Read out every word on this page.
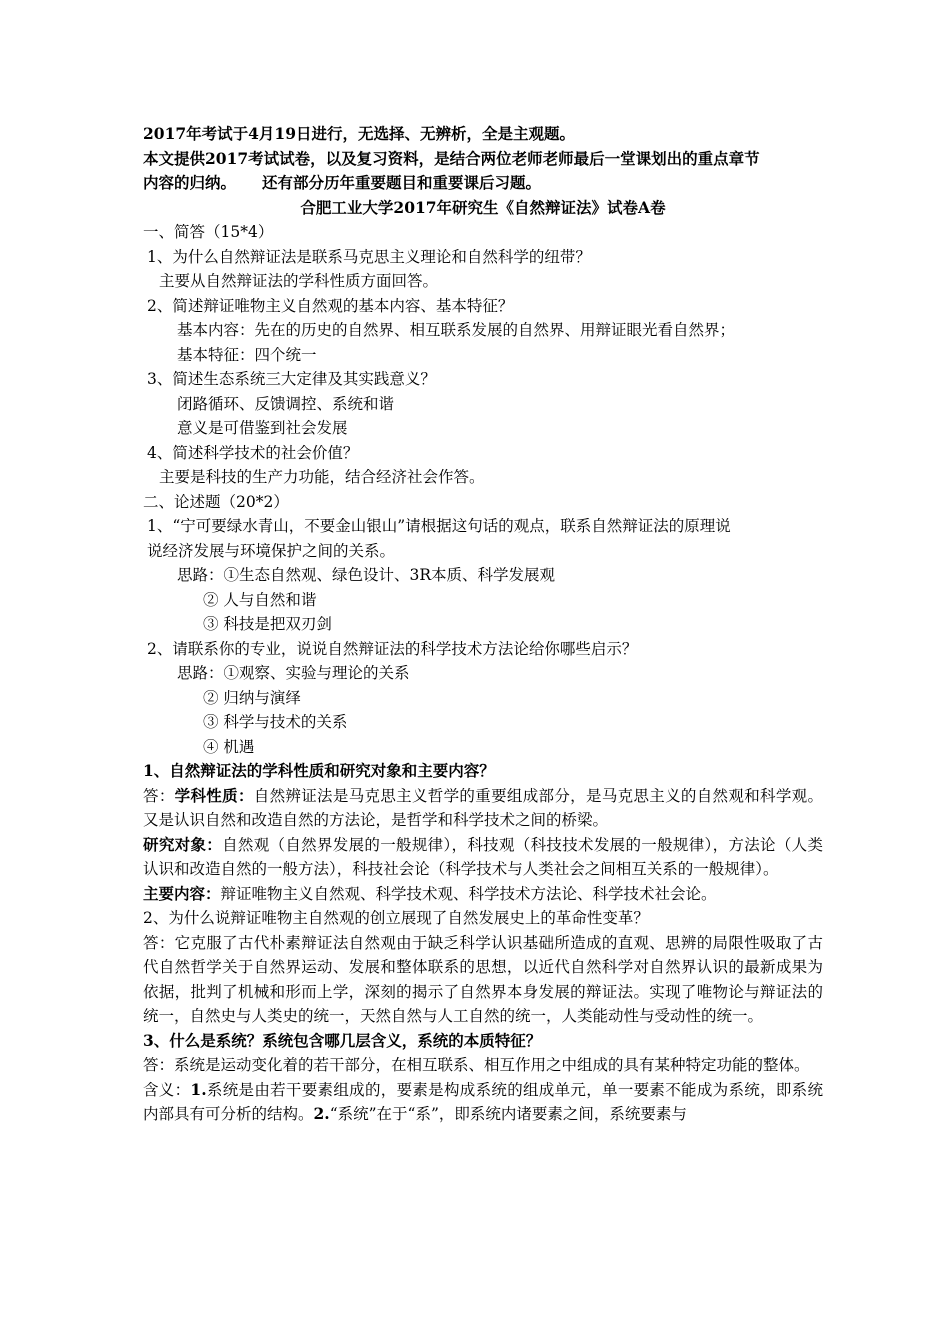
2017年考试于4月19日进行，无选择、无辨析，全是主观题。
本文提供2017考试试卷，以及复习资料，是结合两位老师老师最后一堂课划出的重点章节
内容的归纳。 还有部分历年重要题目和重要课后习题。
合肥工业大学2017年研究生《自然辩证法》试卷A卷
一、简答（15*4）
1、为什么自然辩证法是联系马克思主义理论和自然科学的纽带？
主要从自然辩证法的学科性质方面回答。
2、简述辩证唯物主义自然观的基本内容、基本特征？
基本内容：先在的历史的自然界、相互联系发展的自然界、用辩证眼光看自然界；
基本特征：四个统一
3、简述生态系统三大定律及其实践意义？
闭路循环、反馈调控、系统和谐
意义是可借鉴到社会发展
4、简述科学技术的社会价值？
主要是科技的生产力功能，结合经济社会作答。
二、论述题（20*2）
1、“宁可要绿水青山，不要金山银山”请根据这句话的观点，联系自然辩证法的原理说
说经济发展与环境保护之间的关系。
思路：①生态自然观、绿色设计、3R本质、科学发展观
② 人与自然和谐
③ 科技是把双刃剑
2、请联系你的专业，说说自然辩证法的科学技术方法论给你哪些启示？
思路：①观察、实验与理论的关系
② 归纳与演绎
③ 科学与技术的关系
④ 机遇
1、自然辩证法的学科性质和研究对象和主要内容？
答：学科性质：自然辨证法是马克思主义哲学的重要组成部分，是马克思主义的自然观和科学观。又是认识自然和改造自然的方法论，是哲学和科学技术之间的桥梁。
研究对象：自然观（自然界发展的一般规律），科技观（科技技术发展的一般规律），方法论（人类认识和改造自然的一般方法），科技社会论（科学技术与人类社会之间相互关系的一般规律）。
主要内容：辩证唯物主义自然观、科学技术观、科学技术方法论、科学技术社会论。
2、为什么说辩证唯物主自然观的创立展现了自然发展史上的革命性变革？
答：它克服了古代朴素辩证法自然观由于缺乏科学认识基础所造成的直观、思辨的局限性吸取了古代自然哲学关于自然界运动、发展和整体联系的思想，以近代自然科学对自然界认识的最新成果为依据，批判了机械和形而上学，深刻的揭示了自然界本身发展的辩证法。实现了唯物论与辩证法的统一，自然史与人类史的统一，天然自然与人工自然的统一，人类能动性与受动性的统一。
3、什么是系统？系统包含哪几层含义，系统的本质特征？
答：系统是运动变化着的若干部分，在相互联系、相互作用之中组成的具有某种特定功能的整体。
含义：1.系统是由若干要素组成的，要素是构成系统的组成单元，单一要素不能成为系统，即系统内部具有可分析的结构。2.“系统”在于“系”，即系统内诸要素之间，系统要素与
